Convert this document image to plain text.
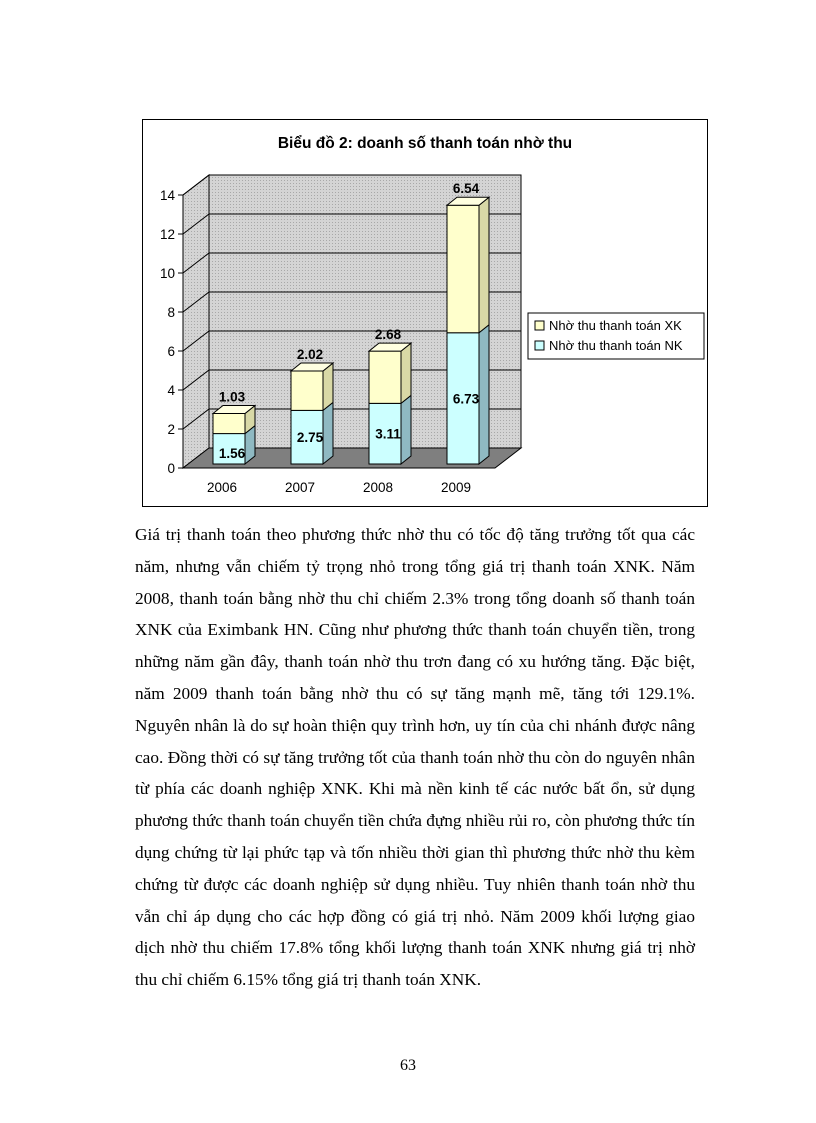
Biểu đồ 2: doanh số thanh toán nhờ thu
0
2
4
6
8
10
12
14
2006	2007	2008	2009
1.56
1.03
2.75
2.02
3.11
2.68
6.73
6.54
Nhờ thu thanh toán XK
Nhờ thu thanh toán NK

Giá trị thanh toán theo phương thức nhờ thu có tốc độ tăng trưởng tốt qua các năm, nhưng vẫn chiếm tỷ trọng nhỏ trong tổng giá trị thanh toán XNK. Năm 2008, thanh toán bằng nhờ thu chỉ chiếm 2.3% trong tổng doanh số thanh toán XNK của Eximbank HN. Cũng như phương thức thanh toán chuyển tiền, trong những năm gần đây, thanh toán nhờ thu trơn đang có xu hướng tăng. Đặc biệt, năm 2009 thanh toán bằng nhờ thu có sự tăng mạnh mẽ, tăng tới 129.1%. Nguyên nhân là do sự hoàn thiện quy trình hơn, uy tín của chi nhánh được nâng cao. Đồng thời có sự tăng trưởng tốt của thanh toán nhờ thu còn do nguyên nhân từ phía các doanh nghiệp XNK. Khi mà nền kinh tế các nước bất ổn, sử dụng phương thức thanh toán chuyển tiền chứa đựng nhiều rủi ro, còn phương thức tín dụng chứng từ lại phức tạp và tốn nhiều thời gian thì phương thức nhờ thu kèm chứng từ được các doanh nghiệp sử dụng nhiều. Tuy nhiên thanh toán nhờ thu vẫn chỉ áp dụng cho các hợp đồng có giá trị nhỏ. Năm 2009 khối lượng giao dịch nhờ thu chiếm 17.8% tổng khối lượng thanh toán XNK nhưng giá trị nhờ thu chỉ chiếm 6.15% tổng giá trị thanh toán XNK.

63
